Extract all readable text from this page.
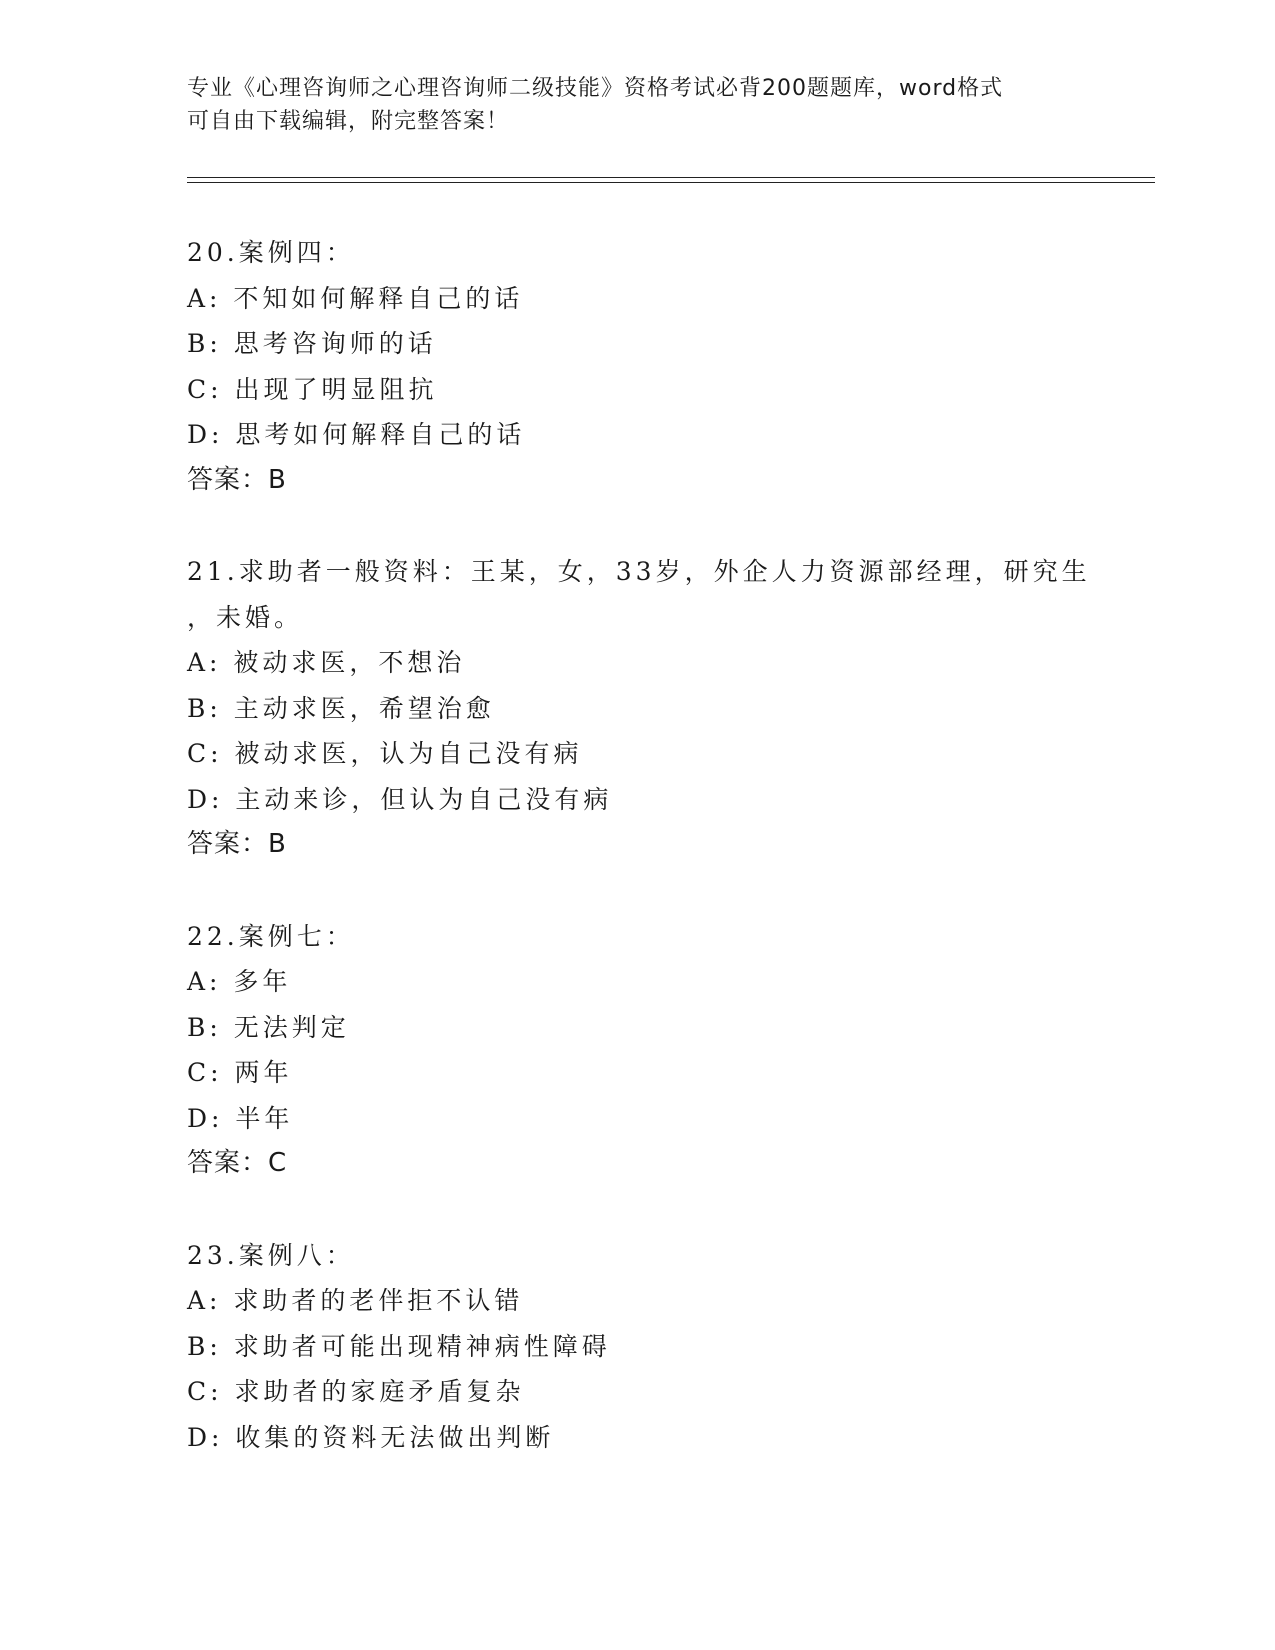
专业《心理咨询师之心理咨询师二级技能》资格考试必背200题题库，word格式
可自由下载编辑，附完整答案！
20.案例四：
A: 不知如何解释自己的话
B: 思考咨询师的话
C: 出现了明显阻抗
D: 思考如何解释自己的话
答案：B
21.求助者一般资料：王某，女，33岁，外企人力资源部经理，研究生
，未婚。
A: 被动求医，不想治
B: 主动求医，希望治愈
C: 被动求医，认为自己没有病
D: 主动来诊，但认为自己没有病
答案：B
22.案例七：
A: 多年
B: 无法判定
C: 两年
D: 半年
答案：C
23.案例八：
A: 求助者的老伴拒不认错
B: 求助者可能出现精神病性障碍
C: 求助者的家庭矛盾复杂
D: 收集的资料无法做出判断
